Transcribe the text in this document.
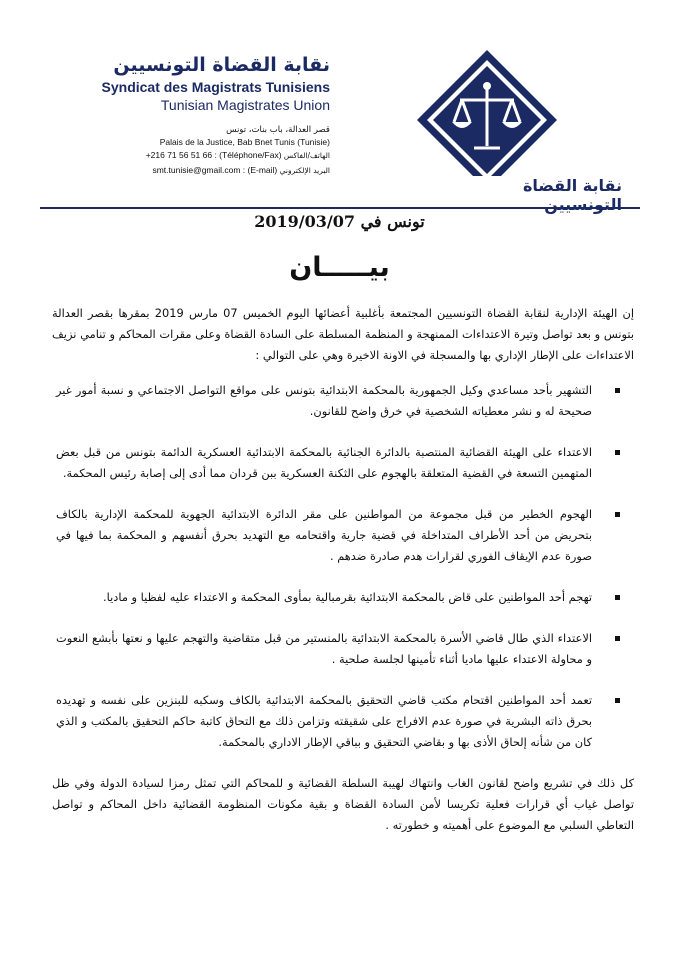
نقابة القضاة التونسيين
Syndicat des Magistrats Tunisiens
Tunisian Magistrates Union
قصر العدالة، باب بنات، تونس
Palais de la Justice, Bab Bnet Tunis (Tunisie)
+216 71 56 51 66 : (Téléphone/Fax) الهاتف/الفاكس
smt.tunisie@gmail.com : (E-mail) البريد الإلكتروني
نقابة القضاة التونسيين
تونس في 2019/03/07
بيـــــان

إن الهيئة الإدارية لنقابة القضاة التونسيين المجتمعة بأغلبية أعضائها اليوم الخميس 07 مارس 2019 بمقرها بقصر العدالة بتونس و بعد تواصل وتيرة الاعتداءات الممنهجة و المنظمة المسلطة على السادة القضاة وعلى مقرات المحاكم و تنامي نزيف الاعتداءات على الإطار الإداري بها والمسجلة في الاونة الاخيرة وهي على التوالي :

التشهير بأحد مساعدي وكيل الجمهورية بالمحكمة الابتدائية بتونس على مواقع التواصل الاجتماعي و نسبة أمور غير صحيحة له و نشر معطياته الشخصية في خرق واضح للقانون.
الاعتداء على الهيئة القضائية المنتصبة بالدائرة الجنائية بالمحكمة الابتدائية العسكرية الدائمة بتونس من قبل بعض المتهمين التسعة في القضية المتعلقة بالهجوم على الثكنة العسكرية ببن قردان مما أدى إلى إصابة رئيس المحكمة.
الهجوم الخطير من قبل مجموعة من المواطنين على مقر الدائرة الابتدائية الجهوية للمحكمة الإدارية بالكاف بتحريض من أحد الأطراف المتداخلة في قضية جارية واقتحامه مع التهديد بحرق أنفسهم و المحكمة بما فيها في صورة عدم الإيقاف الفوري لقرارات هدم صادرة ضدهم .
تهجم أحد المواطنين على قاض بالمحكمة الابتدائية بقرمبالية بمأوى المحكمة و الاعتداء عليه لفظيا و ماديا.
الاعتداء الذي طال قاضي الأسرة بالمحكمة الابتدائية بالمنستير من قبل متقاضية والتهجم عليها و نعتها بأبشع النعوت و محاولة الاعتداء عليها ماديا أثناء تأمينها لجلسة صلحية .
تعمد أحد المواطنين اقتحام مكتب قاضي التحقيق بالمحكمة الابتدائية بالكاف وسكبه للبنزين على نفسه و تهديده بحرق ذاته البشرية في صورة عدم الافراج على شقيقته وتزامن ذلك مع التحاق كاتبة حاكم التحقيق بالمكتب و الذي كان من شأنه إلحاق الأذى بها و بقاضي التحقيق و بباقي الإطار الاداري بالمحكمة.

كل ذلك في تشريع واضح لقانون الغاب وانتهاك لهيبة السلطة القضائية و للمحاكم التي تمثل رمزا لسيادة الدولة وفي ظل تواصل غياب أي قرارات فعلية تكريسا لأمن السادة القضاة و بقية مكونات المنظومة القضائية داخل المحاكم و تواصل التعاطي السلبي مع الموضوع على أهميته و خطورته .
